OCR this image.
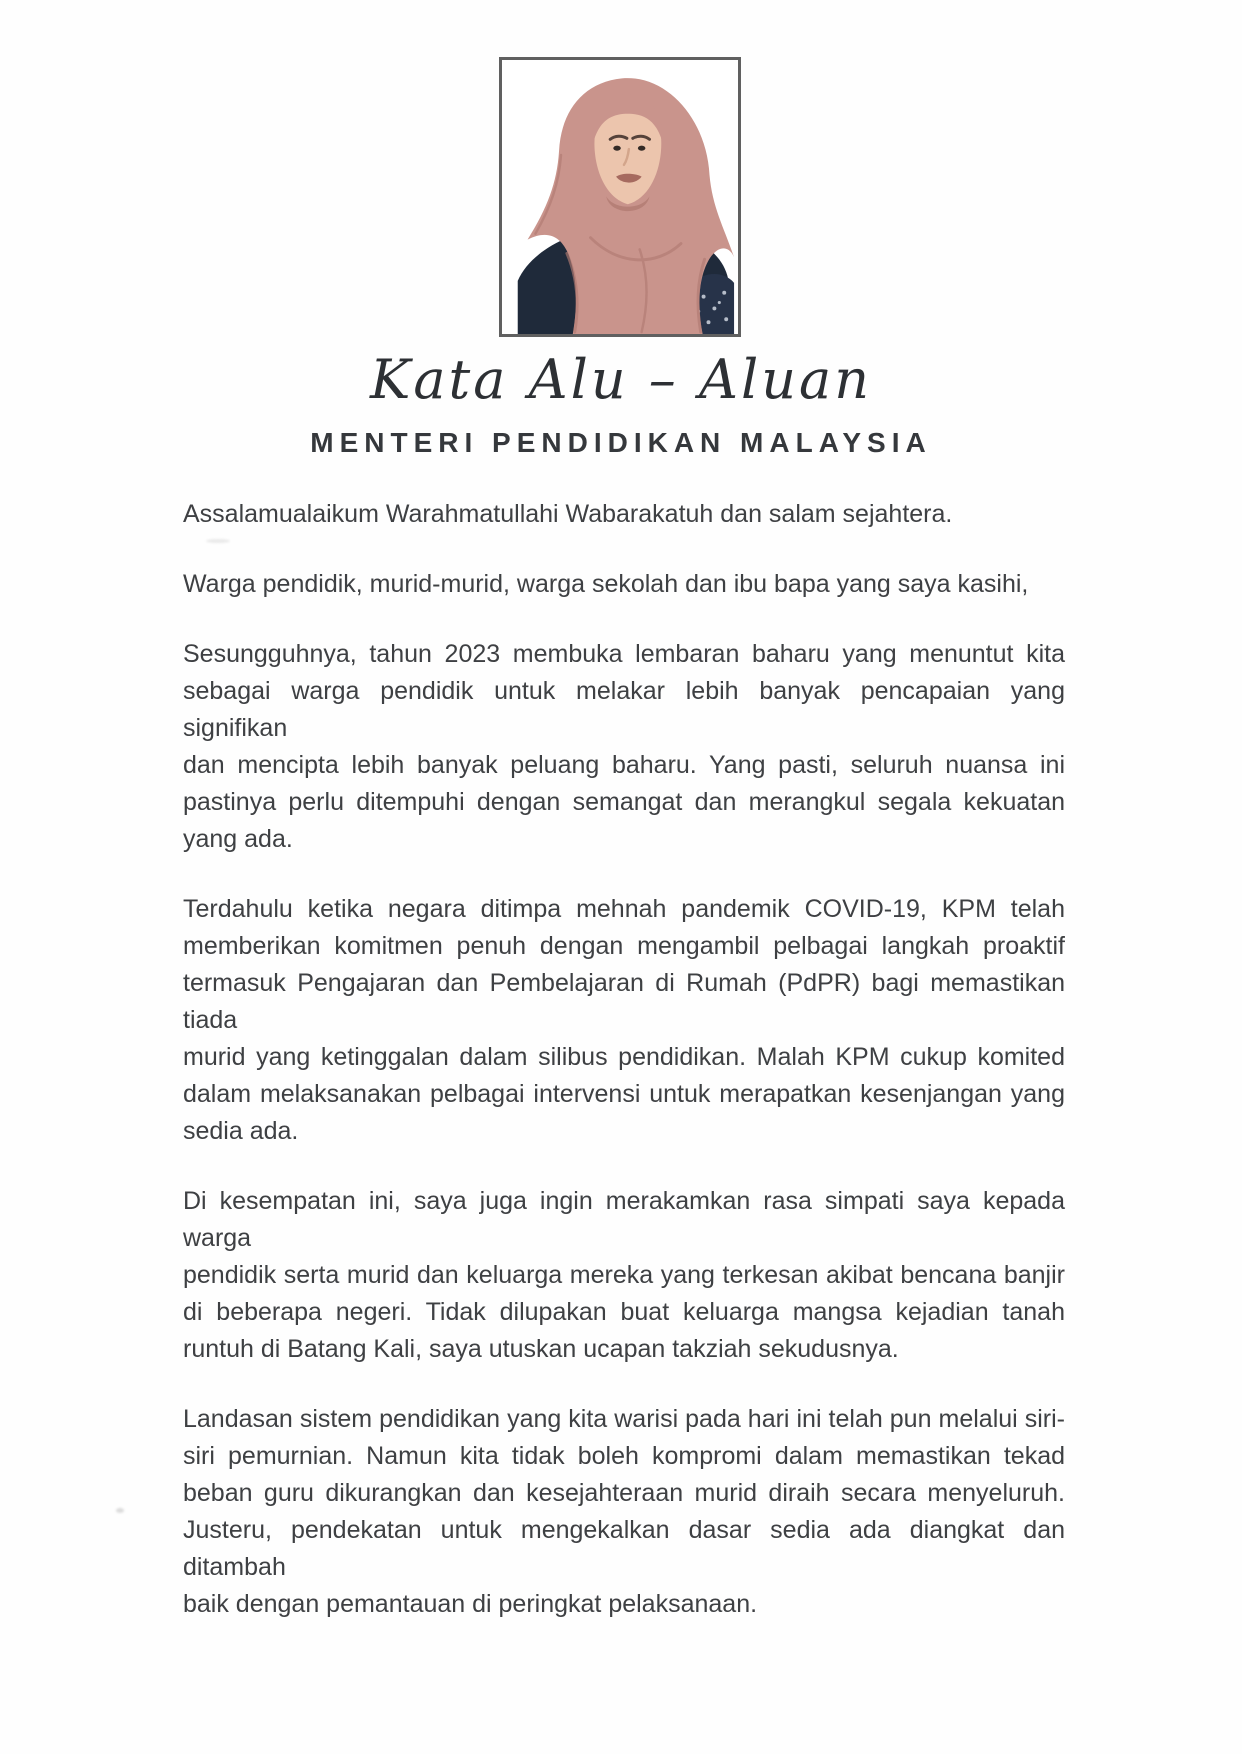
Kata Alu – Aluan
MENTERI PENDIDIKAN MALAYSIA

Assalamualaikum Warahmatullahi Wabarakatuh dan salam sejahtera.

Warga pendidik, murid-murid, warga sekolah dan ibu bapa yang saya kasihi,

Sesungguhnya, tahun 2023 membuka lembaran baharu yang menuntut kita
sebagai warga pendidik untuk melakar lebih banyak pencapaian yang signifikan
dan mencipta lebih banyak peluang baharu. Yang pasti, seluruh nuansa ini
pastinya perlu ditempuhi dengan semangat dan merangkul segala kekuatan
yang ada.

Terdahulu ketika negara ditimpa mehnah pandemik COVID-19, KPM telah
memberikan komitmen penuh dengan mengambil pelbagai langkah proaktif
termasuk Pengajaran dan Pembelajaran di Rumah (PdPR) bagi memastikan tiada
murid yang ketinggalan dalam silibus pendidikan. Malah KPM cukup komited
dalam melaksanakan pelbagai intervensi untuk merapatkan kesenjangan yang
sedia ada.

Di kesempatan ini, saya juga ingin merakamkan rasa simpati saya kepada warga
pendidik serta murid dan keluarga mereka yang terkesan akibat bencana banjir
di beberapa negeri. Tidak dilupakan buat keluarga mangsa kejadian tanah
runtuh di Batang Kali, saya utuskan ucapan takziah sekudusnya.

Landasan sistem pendidikan yang kita warisi pada hari ini telah pun melalui siri-
siri pemurnian. Namun kita tidak boleh kompromi dalam memastikan tekad
beban guru dikurangkan dan kesejahteraan murid diraih secara menyeluruh.
Justeru, pendekatan untuk mengekalkan dasar sedia ada diangkat dan ditambah
baik dengan pemantauan di peringkat pelaksanaan.
